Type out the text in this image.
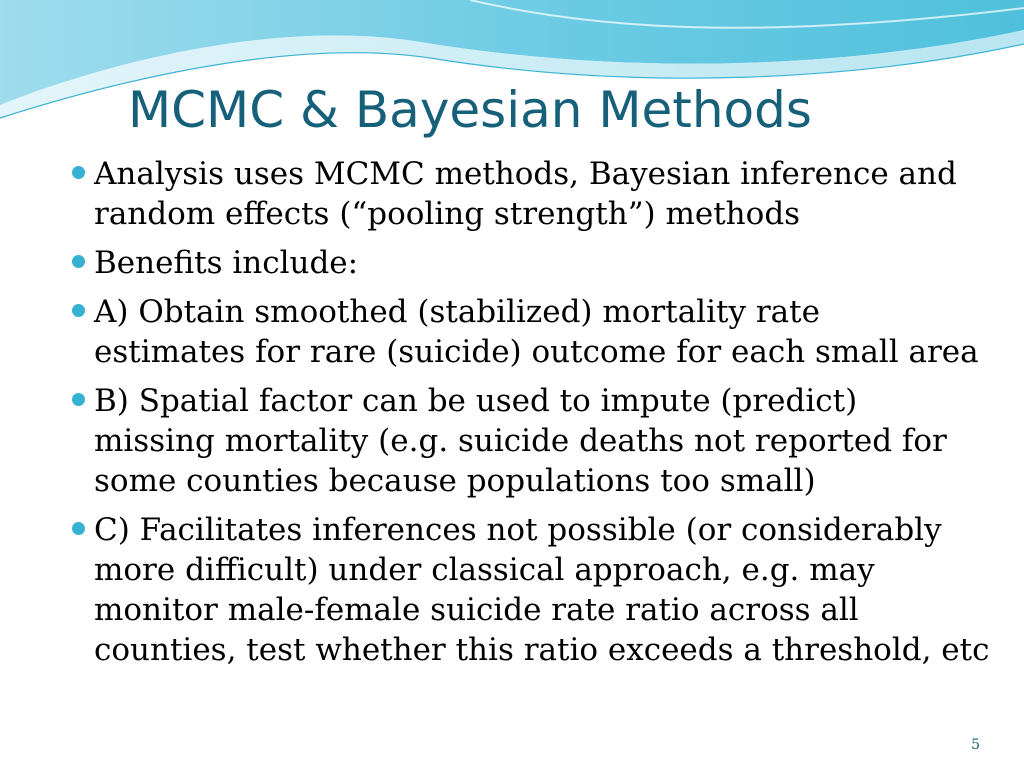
MCMC & Bayesian Methods
Analysis uses MCMC methods, Bayesian inference and
random effects (“pooling strength”) methods
Benefits include:
A) Obtain smoothed (stabilized) mortality rate
estimates for rare (suicide) outcome for each small area
B) Spatial factor can be used to impute (predict)
missing mortality (e.g. suicide deaths not reported for
some counties because populations too small)
C) Facilitates inferences not possible (or considerably
more difficult) under classical approach, e.g. may
monitor male-female suicide rate ratio across all
counties, test whether this ratio exceeds a threshold, etc
5
